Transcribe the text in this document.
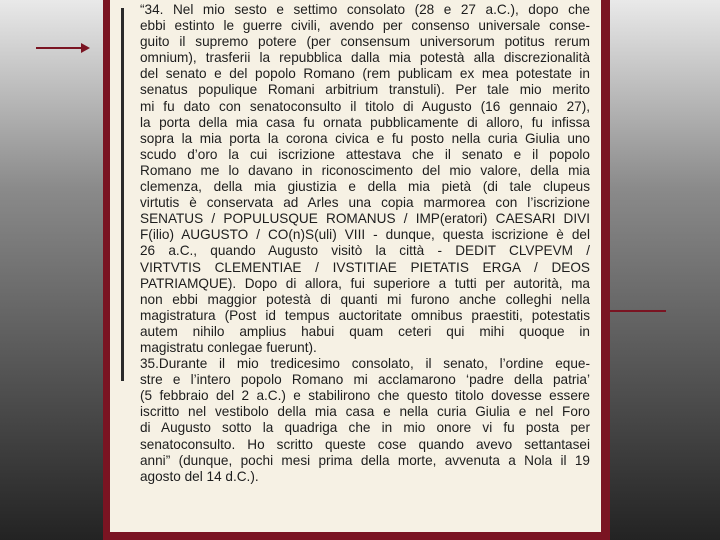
“34. Nel mio sesto e settimo consolato (28 e 27 a.C.), dopo che
ebbi estinto le guerre civili, avendo per consenso universale conse-
guito il supremo potere (per consensum universorum potitus rerum
omnium), trasferii la repubblica dalla mia potestà alla discrezionalità
del senato e del popolo Romano (rem publicam ex mea potestate in
senatus populique Romani arbitrium transtuli). Per tale mio merito
mi fu dato con senatoconsulto il titolo di Augusto (16 gennaio 27),
la porta della mia casa fu ornata pubblicamente di alloro, fu infissa
sopra la mia porta la corona civica e fu posto nella curia Giulia uno
scudo d’oro la cui iscrizione attestava che il senato e il popolo
Romano me lo davano in riconoscimento del mio valore, della mia
clemenza, della mia giustizia e della mia pietà (di tale clupeus
virtutis è conservata ad Arles una copia marmorea con l’iscrizione
SENATUS / POPULUSQUE ROMANUS / IMP(eratori) CAESARI DIVI
F(ilio) AUGUSTO / CO(n)S(uli) VIII - dunque, questa iscrizione è del
26 a.C., quando Augusto visitò la città - DEDIT CLVPEVM /
VIRTVTIS CLEMENTIAE / IVSTITIAE PIETATIS ERGA / DEOS
PATRIAMQUE). Dopo di allora, fui superiore a tutti per autorità, ma
non ebbi maggior potestà di quanti mi furono anche colleghi nella
magistratura (Post id tempus auctoritate omnibus praestiti, potestatis
autem nihilo amplius habui quam ceteri qui mihi quoque in
magistratu conlegae fuerunt).
35.Durante il mio tredicesimo consolato, il senato, l’ordine eque-
stre e l’intero popolo Romano mi acclamarono ‘padre della patria’
(5 febbraio del 2 a.C.) e stabilirono che questo titolo dovesse essere
iscritto nel vestibolo della mia casa e nella curia Giulia e nel Foro
di Augusto sotto la quadriga che in mio onore vi fu posta per
senatoconsulto. Ho scritto queste cose quando avevo settantasei
anni” (dunque, pochi mesi prima della morte, avvenuta a Nola il 19
agosto del 14 d.C.).
